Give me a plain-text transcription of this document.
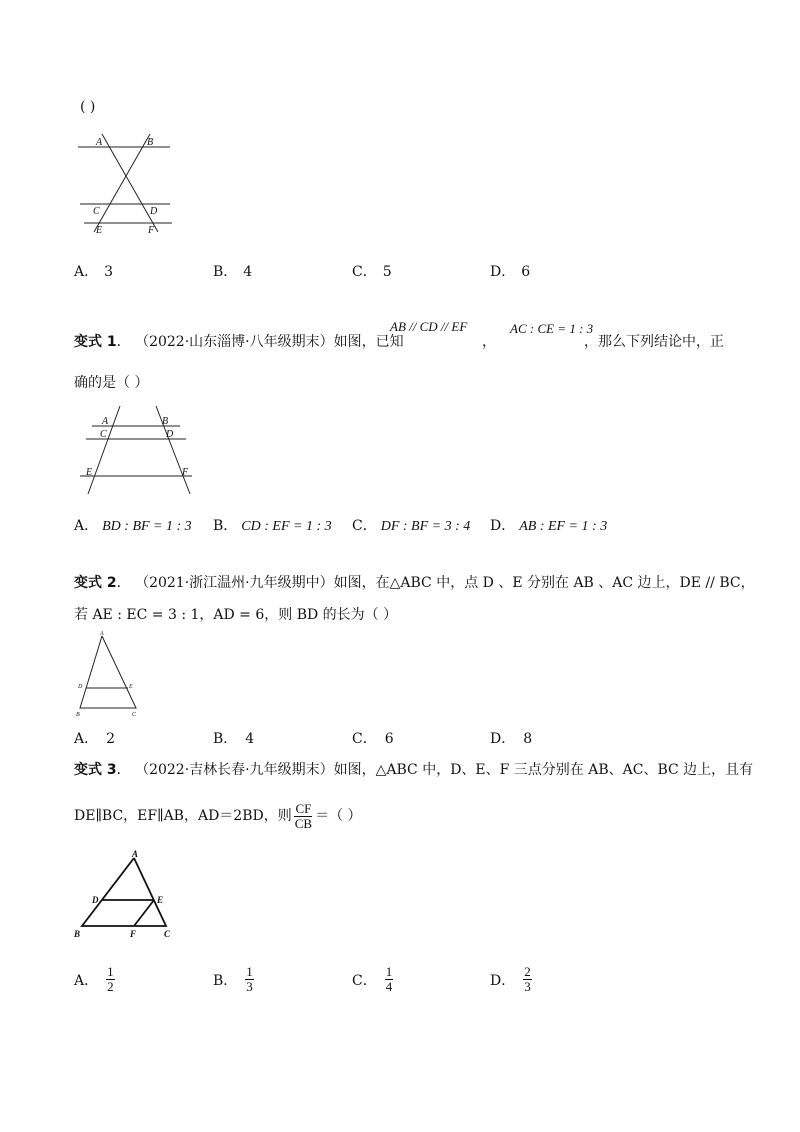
( )
A	B
C	D
E	F
A． 3	B． 4	C． 5	D． 6
变式 1． （2022·山东淄博·八年级期末）如图，已知
AB // CD // EF
，
AC : CE = 1 : 3
，那么下列结论中，正
确的是（ ）
A	B
C	D
E	F
A． BD : BF = 1 : 3 B． CD : EF = 1 : 3 C． DF : BF = 3 : 4 D． AB : EF = 1 : 3
变式 2． （2021·浙江温州·九年级期中）如图，在△ABC 中，点 D 、E 分别在 AB 、AC 边上，DE // BC，
若 AE : EC = 3 : 1，AD = 6，则 BD 的长为（ ）
A
D	E
B	C
A． 2	B． 4	C． 6	D． 8
变式 3． （2022·吉林长春·九年级期末）如图，△ABC 中，D、E、F 三点分别在 AB、AC、BC 边上，且有
DE∥BC，EF∥AB，AD＝2BD，则 $\frac{CF}{CB}$ ＝（ ）
A
D	E
B	F	C
A． $\frac{1}{2}$	B． $\frac{1}{3}$	C． $\frac{1}{4}$	D． $\frac{2}{3}$
